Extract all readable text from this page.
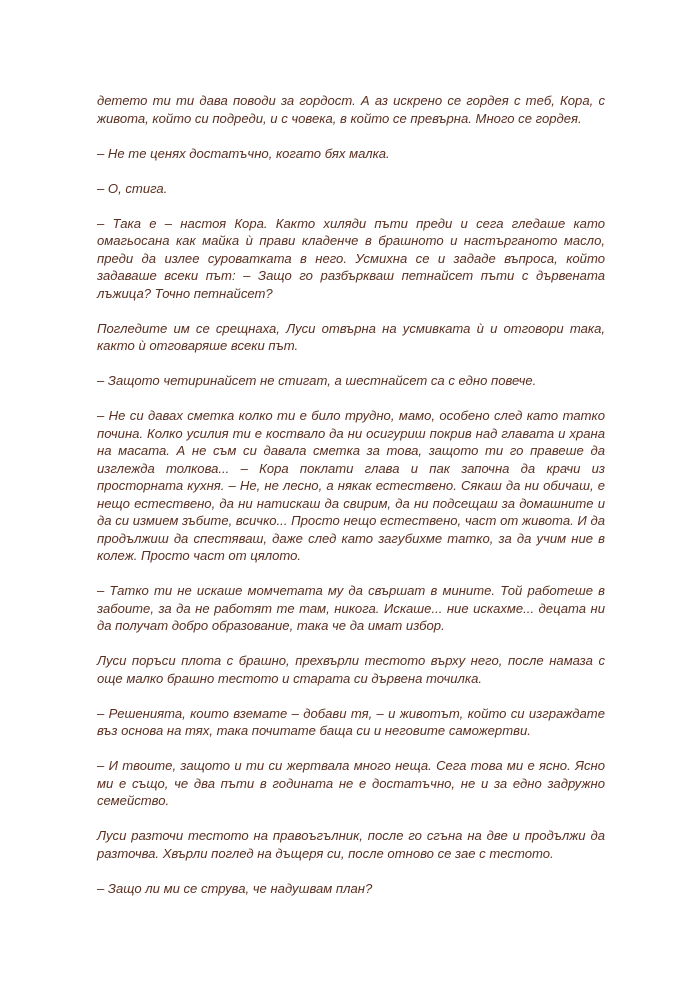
детето ти ти дава поводи за гордост. А аз искрено се гордея с теб, Кора, с живота, който си подреди, и с човека, в който се превърна. Много се гордея.

– Не те ценях достатъчно, когато бях малка.

– О, стига.

– Така е – настоя Кора. Както хиляди пъти преди и сега гледаше като омагьосана как майка ѝ прави кладенче в брашното и настърганото масло, преди да излее суроватката в него. Усмихна се и зададе въпроса, който задаваше всеки път: – Защо го разбъркваш петнайсет пъти с дървената лъжица? Точно петнайсет?

Погледите им се срещнаха, Луси отвърна на усмивката ѝ и отговори така, както ѝ отговаряше всеки път.

– Защото четиринайсет не стигат, а шестнайсет са с едно повече.

– Не си давах сметка колко ти е било трудно, мамо, особено след като татко почина. Колко усилия ти е коствало да ни осигуриш покрив над главата и храна на масата. А не съм си давала сметка за това, защото ти го правеше да изглежда толкова... – Кора поклати глава и пак започна да крачи из просторната кухня. – Не, не лесно, а някак естествено. Сякаш да ни обичаш, е нещо естествено, да ни натискаш да свирим, да ни подсещаш за домашните и да си измием зъбите, всичко... Просто нещо естествено, част от живота. И да продължиш да спестяваш, даже след като загубихме татко, за да учим ние в колеж. Просто част от цялото.

– Татко ти не искаше момчетата му да свършат в мините. Той работеше в забоите, за да не работят те там, никога. Искаше... ние искахме... децата ни да получат добро образование, така че да имат избор.

Луси поръси плота с брашно, прехвърли тестото върху него, после намаза с още малко брашно тестото и старата си дървена точилка.

– Решенията, които вземате – добави тя, – и животът, който си изграждате въз основа на тях, така почитате баща си и неговите саможертви.

– И твоите, защото и ти си жертвала много неща. Сега това ми е ясно. Ясно ми е също, че два пъти в годината не е достатъчно, не и за едно задружно семейство.

Луси разточи тестото на правоъгълник, после го сгъна на две и продължи да разточва. Хвърли поглед на дъщеря си, после отново се зае с тестото.

– Защо ли ми се струва, че надушвам план?
